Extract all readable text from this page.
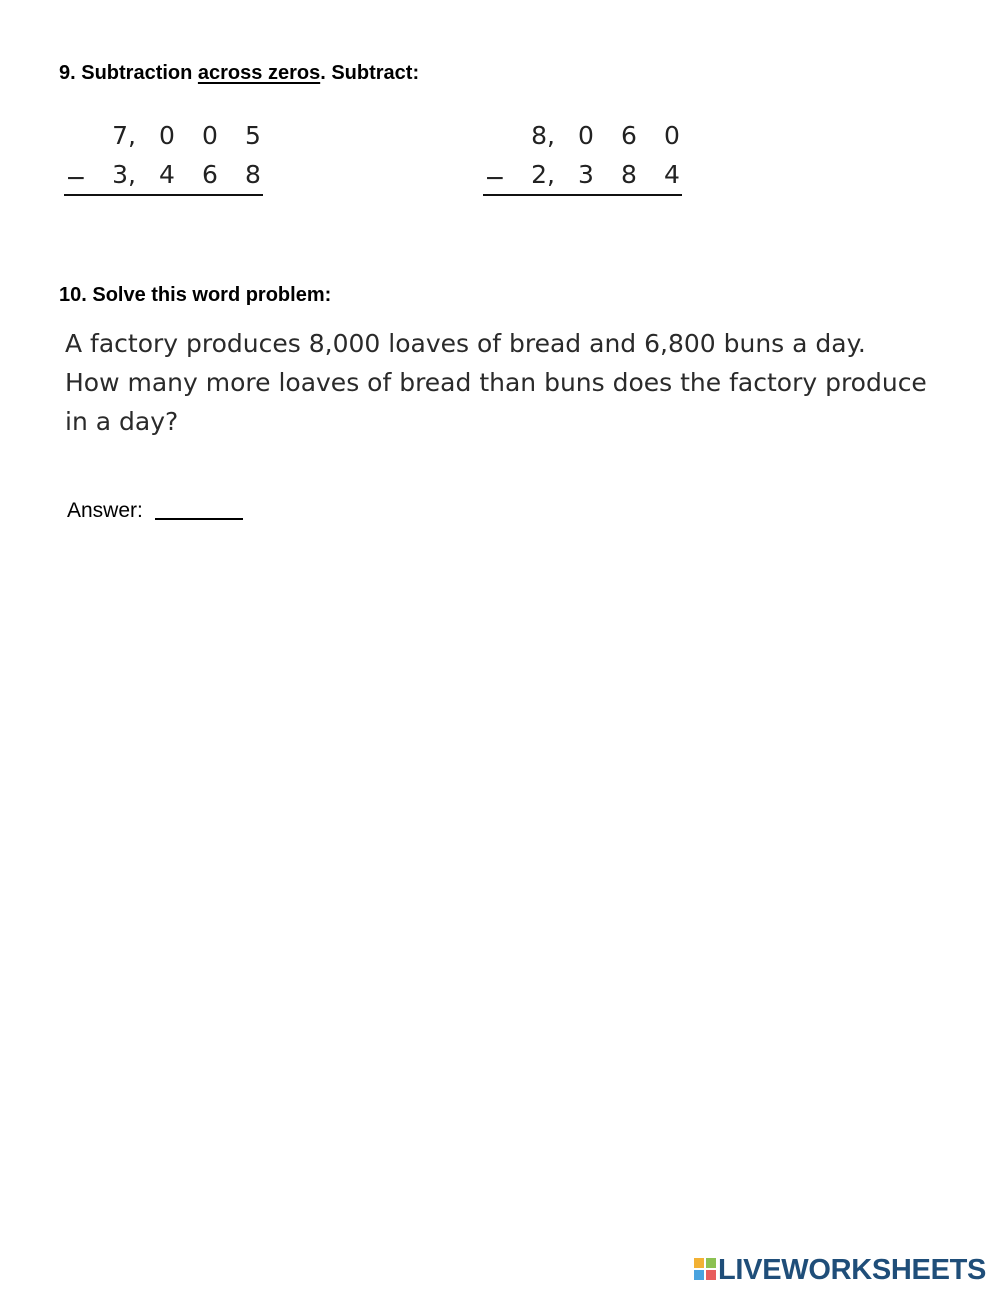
9. Subtraction across zeros. Subtract:
7, 0 0 5
− 3, 4 6 8
8, 0 6 0
− 2, 3 8 4
10. Solve this word problem:
A factory produces 8,000 loaves of bread and 6,800 buns a day.
How many more loaves of bread than buns does the factory produce
in a day?
Answer:
LIVEWORKSHEETS
